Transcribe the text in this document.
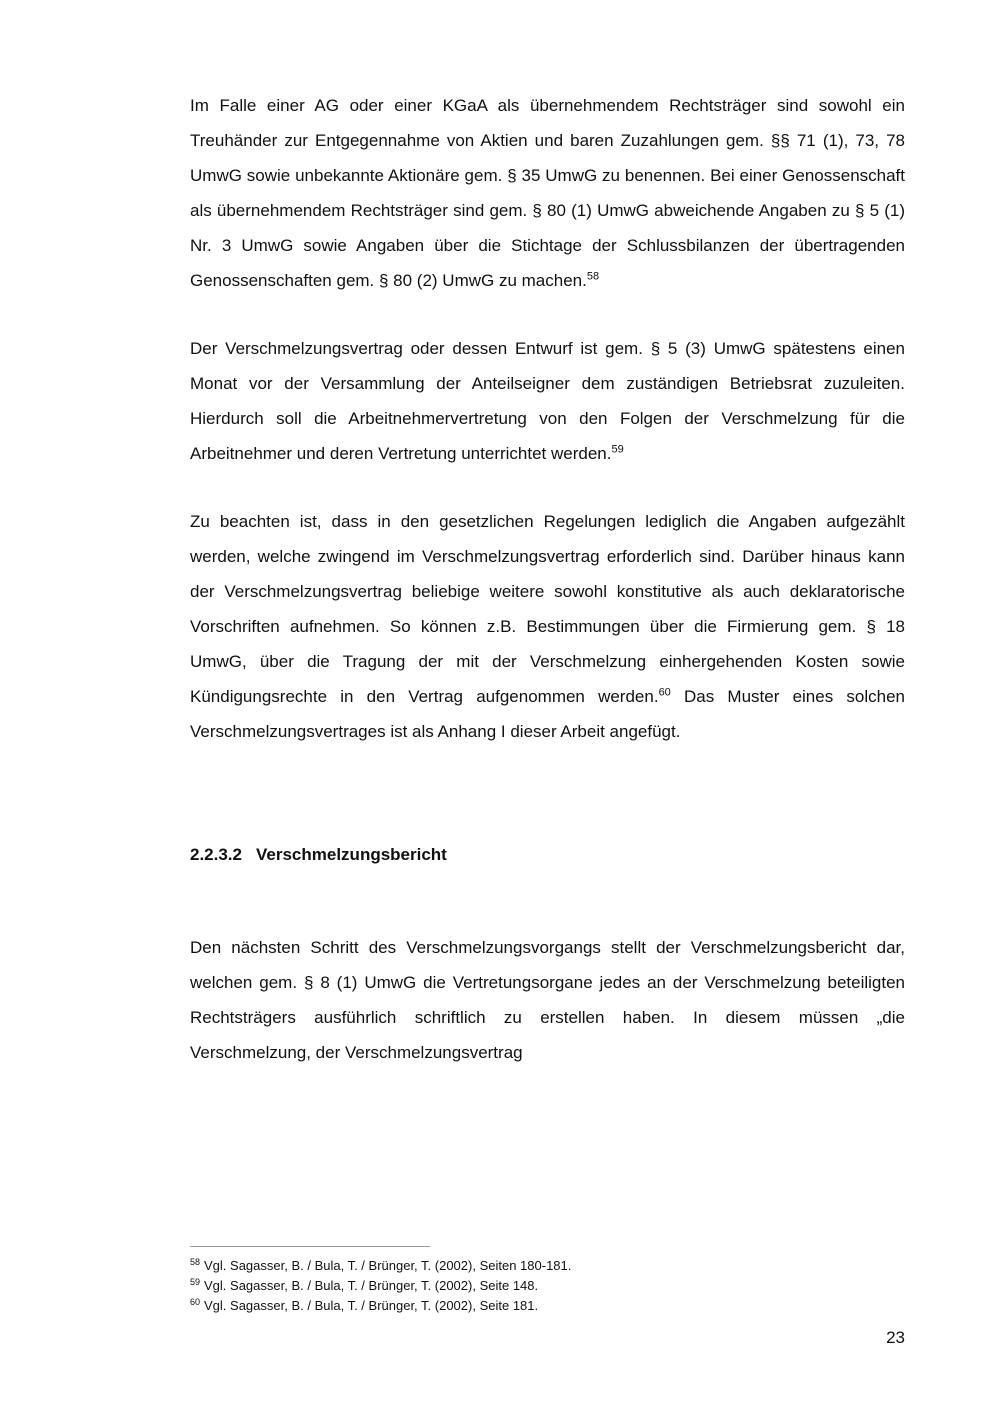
Im Falle einer AG oder einer KGaA als übernehmendem Rechtsträger sind sowohl ein Treuhänder zur Entgegennahme von Aktien und baren Zuzahlungen gem. §§ 71 (1), 73, 78 UmwG sowie unbekannte Aktionäre gem. § 35 UmwG zu benennen. Bei einer Genossenschaft als übernehmendem Rechtsträger sind gem. § 80 (1) UmwG abweichende Angaben zu § 5 (1) Nr. 3 UmwG sowie Angaben über die Stichtage der Schlussbilanzen der übertragenden Genossenschaften gem. § 80 (2) UmwG zu machen.$^{58}$

Der Verschmelzungsvertrag oder dessen Entwurf ist gem. § 5 (3) UmwG spätestens einen Monat vor der Versammlung der Anteilseigner dem zuständigen Betriebsrat zuzuleiten. Hierdurch soll die Arbeitnehmervertretung von den Folgen der Verschmelzung für die Arbeitnehmer und deren Vertretung unterrichtet werden.$^{59}$

Zu beachten ist, dass in den gesetzlichen Regelungen lediglich die Angaben aufgezählt werden, welche zwingend im Verschmelzungsvertrag erforderlich sind. Darüber hinaus kann der Verschmelzungsvertrag beliebige weitere sowohl konstitutive als auch deklaratorische Vorschriften aufnehmen. So können z.B. Bestimmungen über die Firmierung gem. § 18 UmwG, über die Tragung der mit der Verschmelzung einhergehenden Kosten sowie Kündigungsrechte in den Vertrag aufgenommen werden.$^{60}$ Das Muster eines solchen Verschmelzungsvertrages ist als Anhang I dieser Arbeit angefügt.

2.2.3.2 Verschmelzungsbericht

Den nächsten Schritt des Verschmelzungsvorgangs stellt der Verschmelzungsbericht dar, welchen gem. § 8 (1) UmwG die Vertretungsorgane jedes an der Verschmelzung beteiligten Rechtsträgers ausführlich schriftlich zu erstellen haben. In diesem müssen „die Verschmelzung, der Verschmelzungsvertrag

$^{58}$ Vgl. Sagasser, B. / Bula, T. / Brünger, T. (2002), Seiten 180-181.
$^{59}$ Vgl. Sagasser, B. / Bula, T. / Brünger, T. (2002), Seite 148.
$^{60}$ Vgl. Sagasser, B. / Bula, T. / Brünger, T. (2002), Seite 181.
23
